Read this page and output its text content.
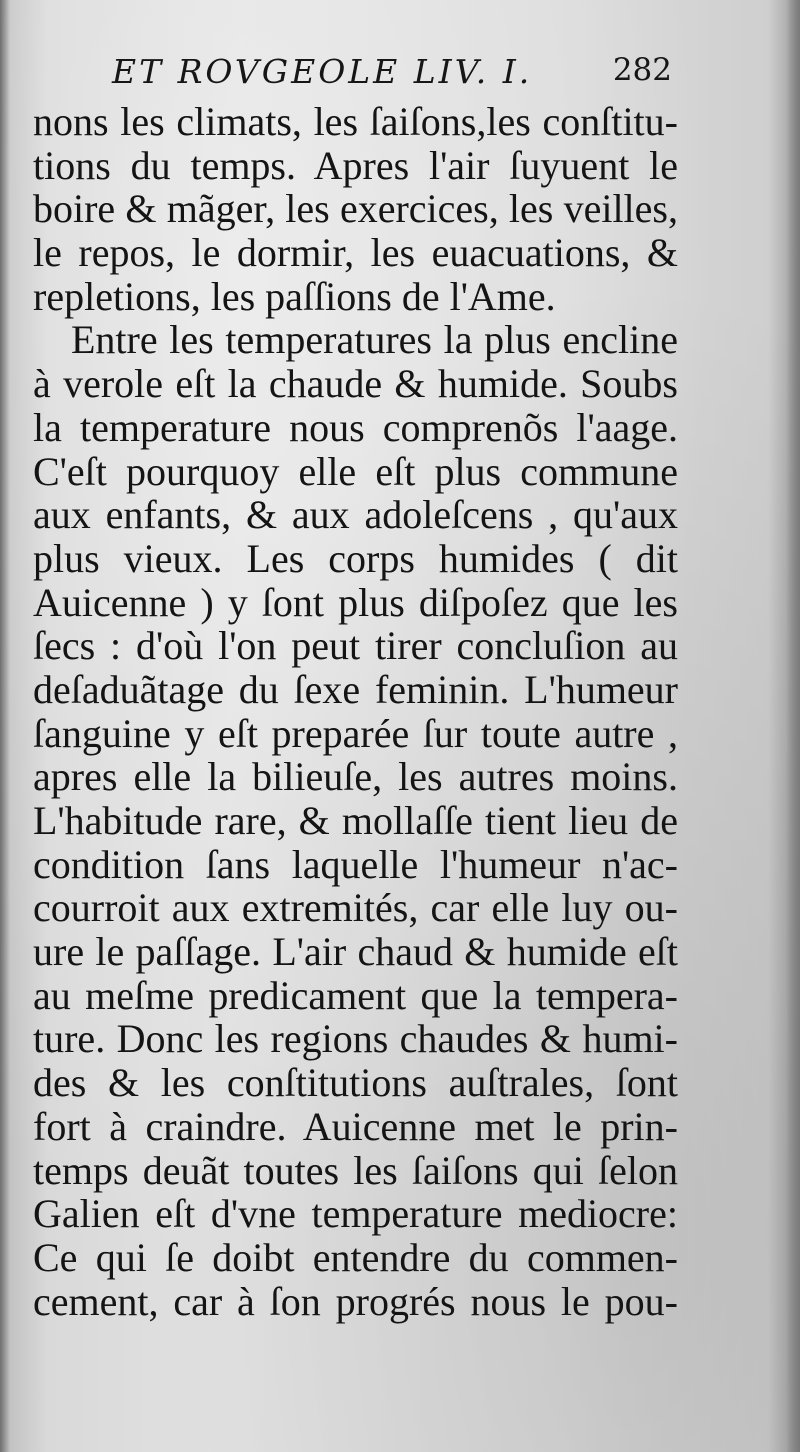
ET ROVGEOLE LIV. I.	282
nons les climats, les ſaiſons,les conſtitu-
tions du temps. Apres l'air ſuyuent le
boire & mãger, les exercices, les veilles,
le repos, le dormir, les euacuations, &
repletions, les paſſions de l'Ame.
Entre les temperatures la plus encline
à verole eſt la chaude & humide. Soubs
la temperature nous comprenõs l'aage.
C'eſt pourquoy elle eſt plus commune
aux enfants, & aux adoleſcens , qu'aux
plus vieux. Les corps humides ( dit
Auicenne ) y ſont plus diſpoſez que les
ſecs : d'où l'on peut tirer concluſion au
deſaduãtage du ſexe feminin. L'humeur
ſanguine y eſt preparée ſur toute autre ,
apres elle la bilieuſe, les autres moins.
L'habitude rare, & mollaſſe tient lieu de
condition ſans laquelle l'humeur n'ac-
courroit aux extremités, car elle luy ou-
ure le paſſage. L'air chaud & humide eſt
au meſme predicament que la tempera-
ture. Donc les regions chaudes & humi-
des & les conſtitutions auſtrales, ſont
fort à craindre. Auicenne met le prin-
temps deuãt toutes les ſaiſons qui ſelon
Galien eſt d'vne temperature mediocre:
Ce qui ſe doibt entendre du commen-
cement, car à ſon progrés nous le pou-
